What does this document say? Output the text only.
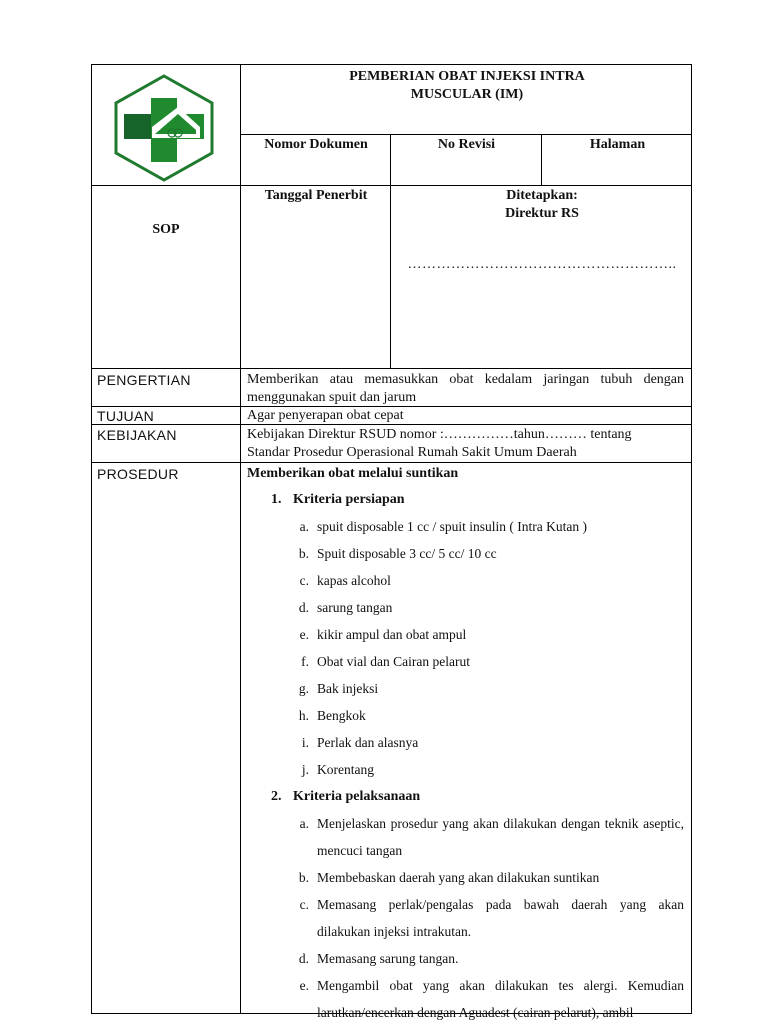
PEMBERIAN OBAT INJEKSI INTRA
MUSCULAR (IM)
Nomor Dokumen	No Revisi	Halaman
SOP
Tanggal Penerbit	Ditetapkan:
Direktur RS
………………………………………………..
PENGERTIAN	Memberikan atau memasukkan obat kedalam jaringan tubuh dengan menggunakan spuit dan jarum
TUJUAN	Agar penyerapan obat cepat
KEBIJAKAN	Kebijakan Direktur RSUD nomor :……………tahun……… tentang
Standar Prosedur Operasional Rumah Sakit Umum Daerah
PROSEDUR	Memberikan obat melalui suntikan
1. Kriteria persiapan
a. spuit disposable 1 cc / spuit insulin ( Intra Kutan )
b. Spuit disposable 3 cc/ 5 cc/ 10 cc
c. kapas alcohol
d. sarung tangan
e. kikir ampul dan obat ampul
f. Obat vial dan Cairan pelarut
g. Bak injeksi
h. Bengkok
i. Perlak dan alasnya
j. Korentang
2. Kriteria pelaksanaan
a. Menjelaskan prosedur yang akan dilakukan dengan teknik aseptic, mencuci tangan
b. Membebaskan daerah yang akan dilakukan suntikan
c. Memasang perlak/pengalas pada bawah daerah yang akan dilakukan injeksi intrakutan.
d. Memasang sarung tangan.
e. Mengambil obat yang akan dilakukan tes alergi. Kemudian larutkan/encerkan dengan Aguadest (cairan pelarut), ambil
